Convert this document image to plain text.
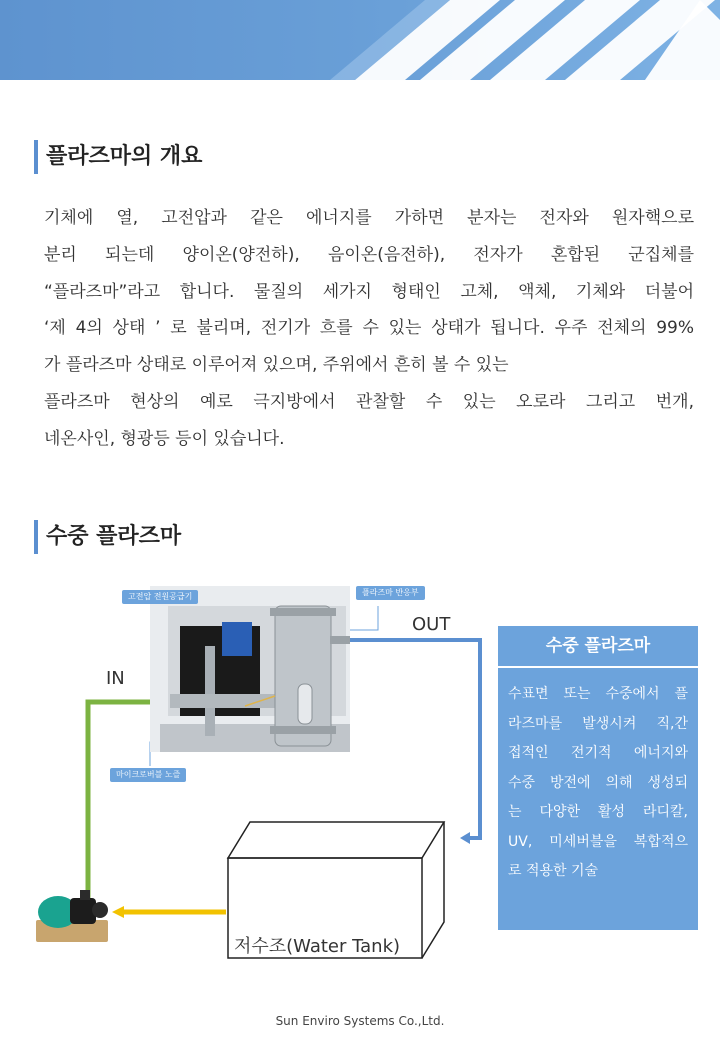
플라즈마의 개요
기체에 열, 고전압과 같은 에너지를 가하면 분자는 전자와 원자핵으로
분리 되는데 양이온(양전하), 음이온(음전하), 전자가 혼합된 군집체를
“플라즈마”라고 합니다. 물질의 세가지 형태인 고체, 액체, 기체와 더불어
‘제 4의 상태 ’ 로 불리며, 전기가 흐를 수 있는 상태가 됩니다. 우주 전체의 99%
가 플라즈마 상태로 이루어져 있으며, 주위에서 흔히 볼 수 있는
플라즈마 현상의 예로 극지방에서 관찰할 수 있는 오로라 그리고 번개,
네온사인, 형광등 등이 있습니다.
수중 플라즈마
고전압 전원공급기	플라즈마 반응부
마이크로버블 노즐
IN
OUT
저수조(Water Tank)
수중 플라즈마
수표면 또는 수중에서 플
라즈마를 발생시켜 직,간
접적인 전기적 에너지와
수중 방전에 의해 생성되
는 다양한 활성 라디칼,
UV, 미세버블을 복합적으
로 적용한 기술
Sun Enviro Systems Co.,Ltd.
